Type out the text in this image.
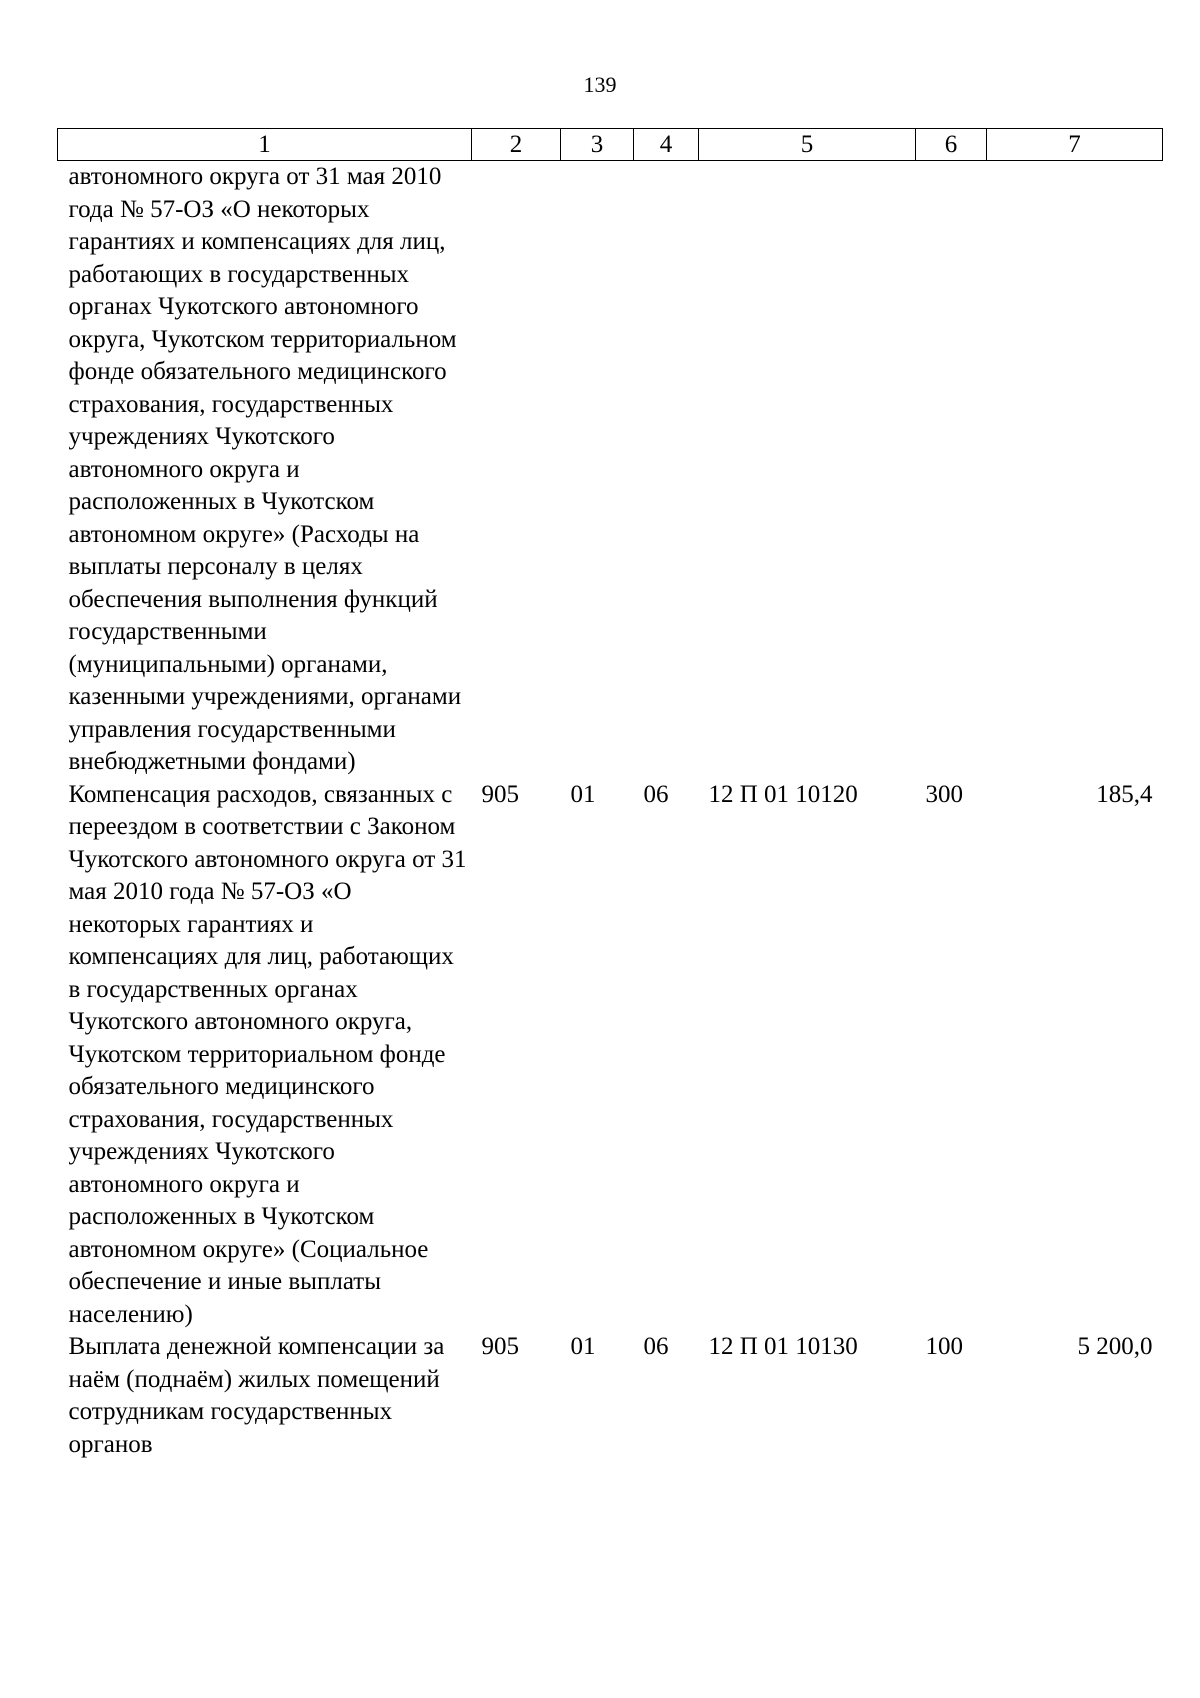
139
1	2	3	4	5	6	7
автономного округа от 31 мая 2010 года № 57-ОЗ «О некоторых гарантиях и компенсациях для лиц, работающих в государственных органах Чукотского автономного округа, Чукотском территориальном фонде обязательного медицинского страхования, государственных учреждениях Чукотского автономного округа и расположенных в Чукотском автономном округе» (Расходы на выплаты персоналу в целях обеспечения выполнения функций государственными (муниципальными) органами, казенными учреждениями, органами управления государственными внебюджетными фондами)						
Компенсация расходов, связанных с переездом в соответствии с Законом Чукотского автономного округа от 31 мая 2010 года № 57-ОЗ «О некоторых гарантиях и компенсациях для лиц, работающих в государственных органах Чукотского автономного округа, Чукотском территориальном фонде обязательного медицинского страхования, государственных учреждениях Чукотского автономного округа и расположенных в Чукотском автономном округе» (Социальное обеспечение и иные выплаты населению)	905	01	06	12 П 01 10120	300	185,4
Выплата денежной компенсации за наём (поднаём) жилых помещений сотрудникам государственных органов	905	01	06	12 П 01 10130	100	5 200,0
